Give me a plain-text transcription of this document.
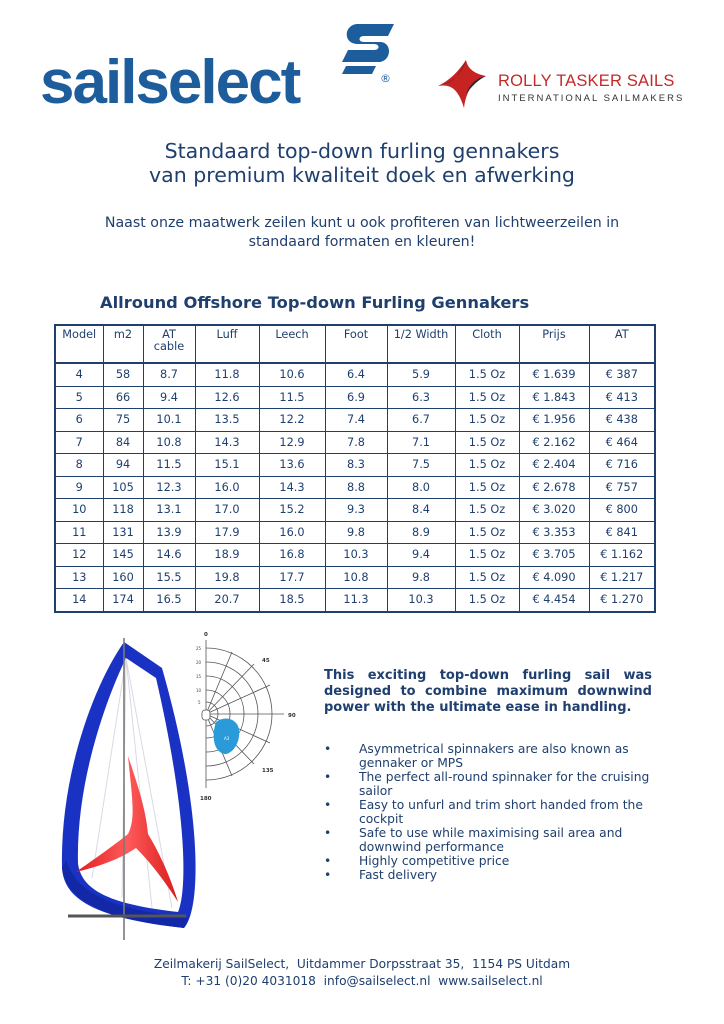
sailselect	®	ROLLY TASKER SAILS
INTERNATIONAL SAILMAKERS
Standaard top-down furling gennakers
van premium kwaliteit doek en afwerking
Naast onze maatwerk zeilen kunt u ook profiteren van lichtweerzeilen in
standaard formaten en kleuren!
Allround Offshore Top-down Furling Gennakers
Model	m2	AT cable	Luff	Leech	Foot	1/2 Width	Cloth	Prijs	AT
4	58	8.7	11.8	10.6	6.4	5.9	1.5 Oz	€ 1.639	€ 387
5	66	9.4	12.6	11.5	6.9	6.3	1.5 Oz	€ 1.843	€ 413
6	75	10.1	13.5	12.2	7.4	6.7	1.5 Oz	€ 1.956	€ 438
7	84	10.8	14.3	12.9	7.8	7.1	1.5 Oz	€ 2.162	€ 464
8	94	11.5	15.1	13.6	8.3	7.5	1.5 Oz	€ 2.404	€ 716
9	105	12.3	16.0	14.3	8.8	8.0	1.5 Oz	€ 2.678	€ 757
10	118	13.1	17.0	15.2	9.3	8.4	1.5 Oz	€ 3.020	€ 800
11	131	13.9	17.9	16.0	9.8	8.9	1.5 Oz	€ 3.353	€ 841
12	145	14.6	18.9	16.8	10.3	9.4	1.5 Oz	€ 3.705	€ 1.162
13	160	15.5	19.8	17.7	10.8	9.8	1.5 Oz	€ 4.090	€ 1.217
14	174	16.5	20.7	18.5	11.3	10.3	1.5 Oz	€ 4.454	€ 1.270
A3
0
45
90
135
180
25
20
15
10
5
This exciting top-down furling sail was designed to combine maximum downwind power with the ultimate ease in handling.
• Asymmetrical spinnakers are also known as gennaker or MPS
• The perfect all-round spinnaker for the cruising sailor
• Easy to unfurl and trim short handed from the cockpit
• Safe to use while maximising sail area and downwind performance
• Highly competitive price
• Fast delivery
Zeilmakerij SailSelect,  Uitdammer Dorpsstraat 35,  1154 PS Uitdam
T: +31 (0)20 4031018  info@sailselect.nl  www.sailselect.nl
